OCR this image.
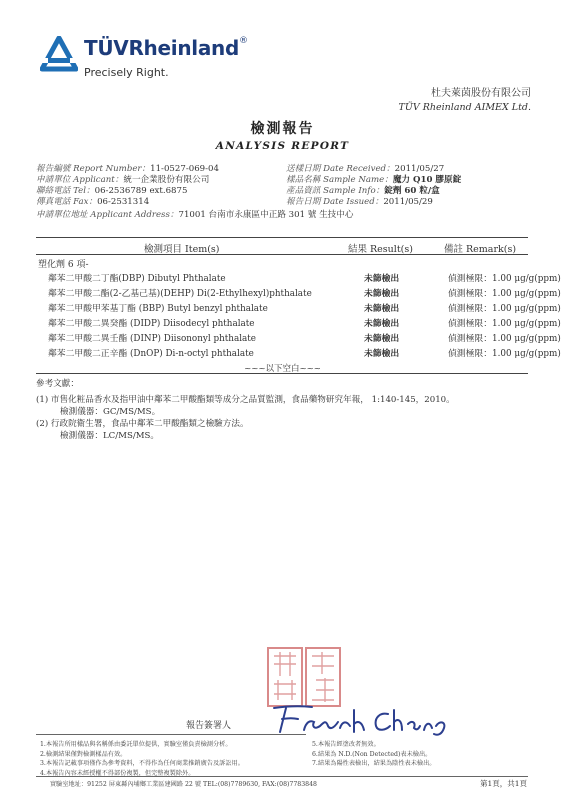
TÜVRheinland®
Precisely Right.
杜夫萊茵股份有限公司
TÜV Rheinland AIMEX Ltd.
檢測報告
ANALYSIS REPORT
報告編號 Report Number：11-0527-069-04
申請單位 Applicant：統一企業股份有限公司
聯絡電話 Tel：06-2536789 ext.6875
傳真電話 Fax：06-2531314
送樣日期 Date Received：2011/05/27
樣品名稱 Sample Name：魔力 Q10 膠原錠
產品資訊 Sample Info：錠劑 60 粒/盒
報告日期 Date Issued：2011/05/29
申請單位地址 Applicant Address：71001 台南市永康區中正路 301 號 生技中心
檢測項目 Item(s)	結果 Result(s)	備註 Remark(s)
塑化劑 6 項-
鄰苯二甲酸二丁酯(DBP) Dibutyl Phthalate	未篩檢出	偵測極限：1.00 μg/g(ppm)
鄰苯二甲酸二酯(2-乙基己基)(DEHP) Di(2-Ethylhexyl)phthalate	未篩檢出	偵測極限：1.00 μg/g(ppm)
鄰苯二甲酸甲苯基丁酯 (BBP) Butyl benzyl phthalate	未篩檢出	偵測極限：1.00 μg/g(ppm)
鄰苯二甲酸二異癸酯 (DIDP) Diisodecyl phthalate	未篩檢出	偵測極限：1.00 μg/g(ppm)
鄰苯二甲酸二異壬酯 (DINP) Diisononyl phthalate	未篩檢出	偵測極限：1.00 μg/g(ppm)
鄰苯二甲酸二正辛酯 (DnOP) Di-n-octyl phthalate	未篩檢出	偵測極限：1.00 μg/g(ppm)
~~~以下空白~~~
參考文獻：
(1) 市售化粧品香水及指甲油中鄰苯二甲酸酯類等成分之品質監測，食品藥物研究年報， 1:140-145，2010。
檢測儀器：GC/MS/MS。
(2) 行政院衛生署，食品中鄰苯二甲酸酯類之檢驗方法。
檢測儀器：LC/MS/MS。
報告簽署人
1.本報告所用樣品與名稱係由委託單位提供，實驗室僅負責檢測分析。
2.檢測結果僅對檢測樣品有效。
3.本報告記載事項僅作為參考資料，不得作為任何商業推銷廣告及訴訟用。
4.本報告內容未經授權不得部份複製，但完整複製除外。
5.本報告經塗改者無效。
6.結果為 N.D.(Non Detected)表未檢出。
7.結果為陽性表檢出，結果為陰性表未檢出。
實驗室地址：91252 屏東縣內埔鄉工業區建國路 22 號 TEL:(08)7789630, FAX:(08)7783848	第1頁，共1頁
